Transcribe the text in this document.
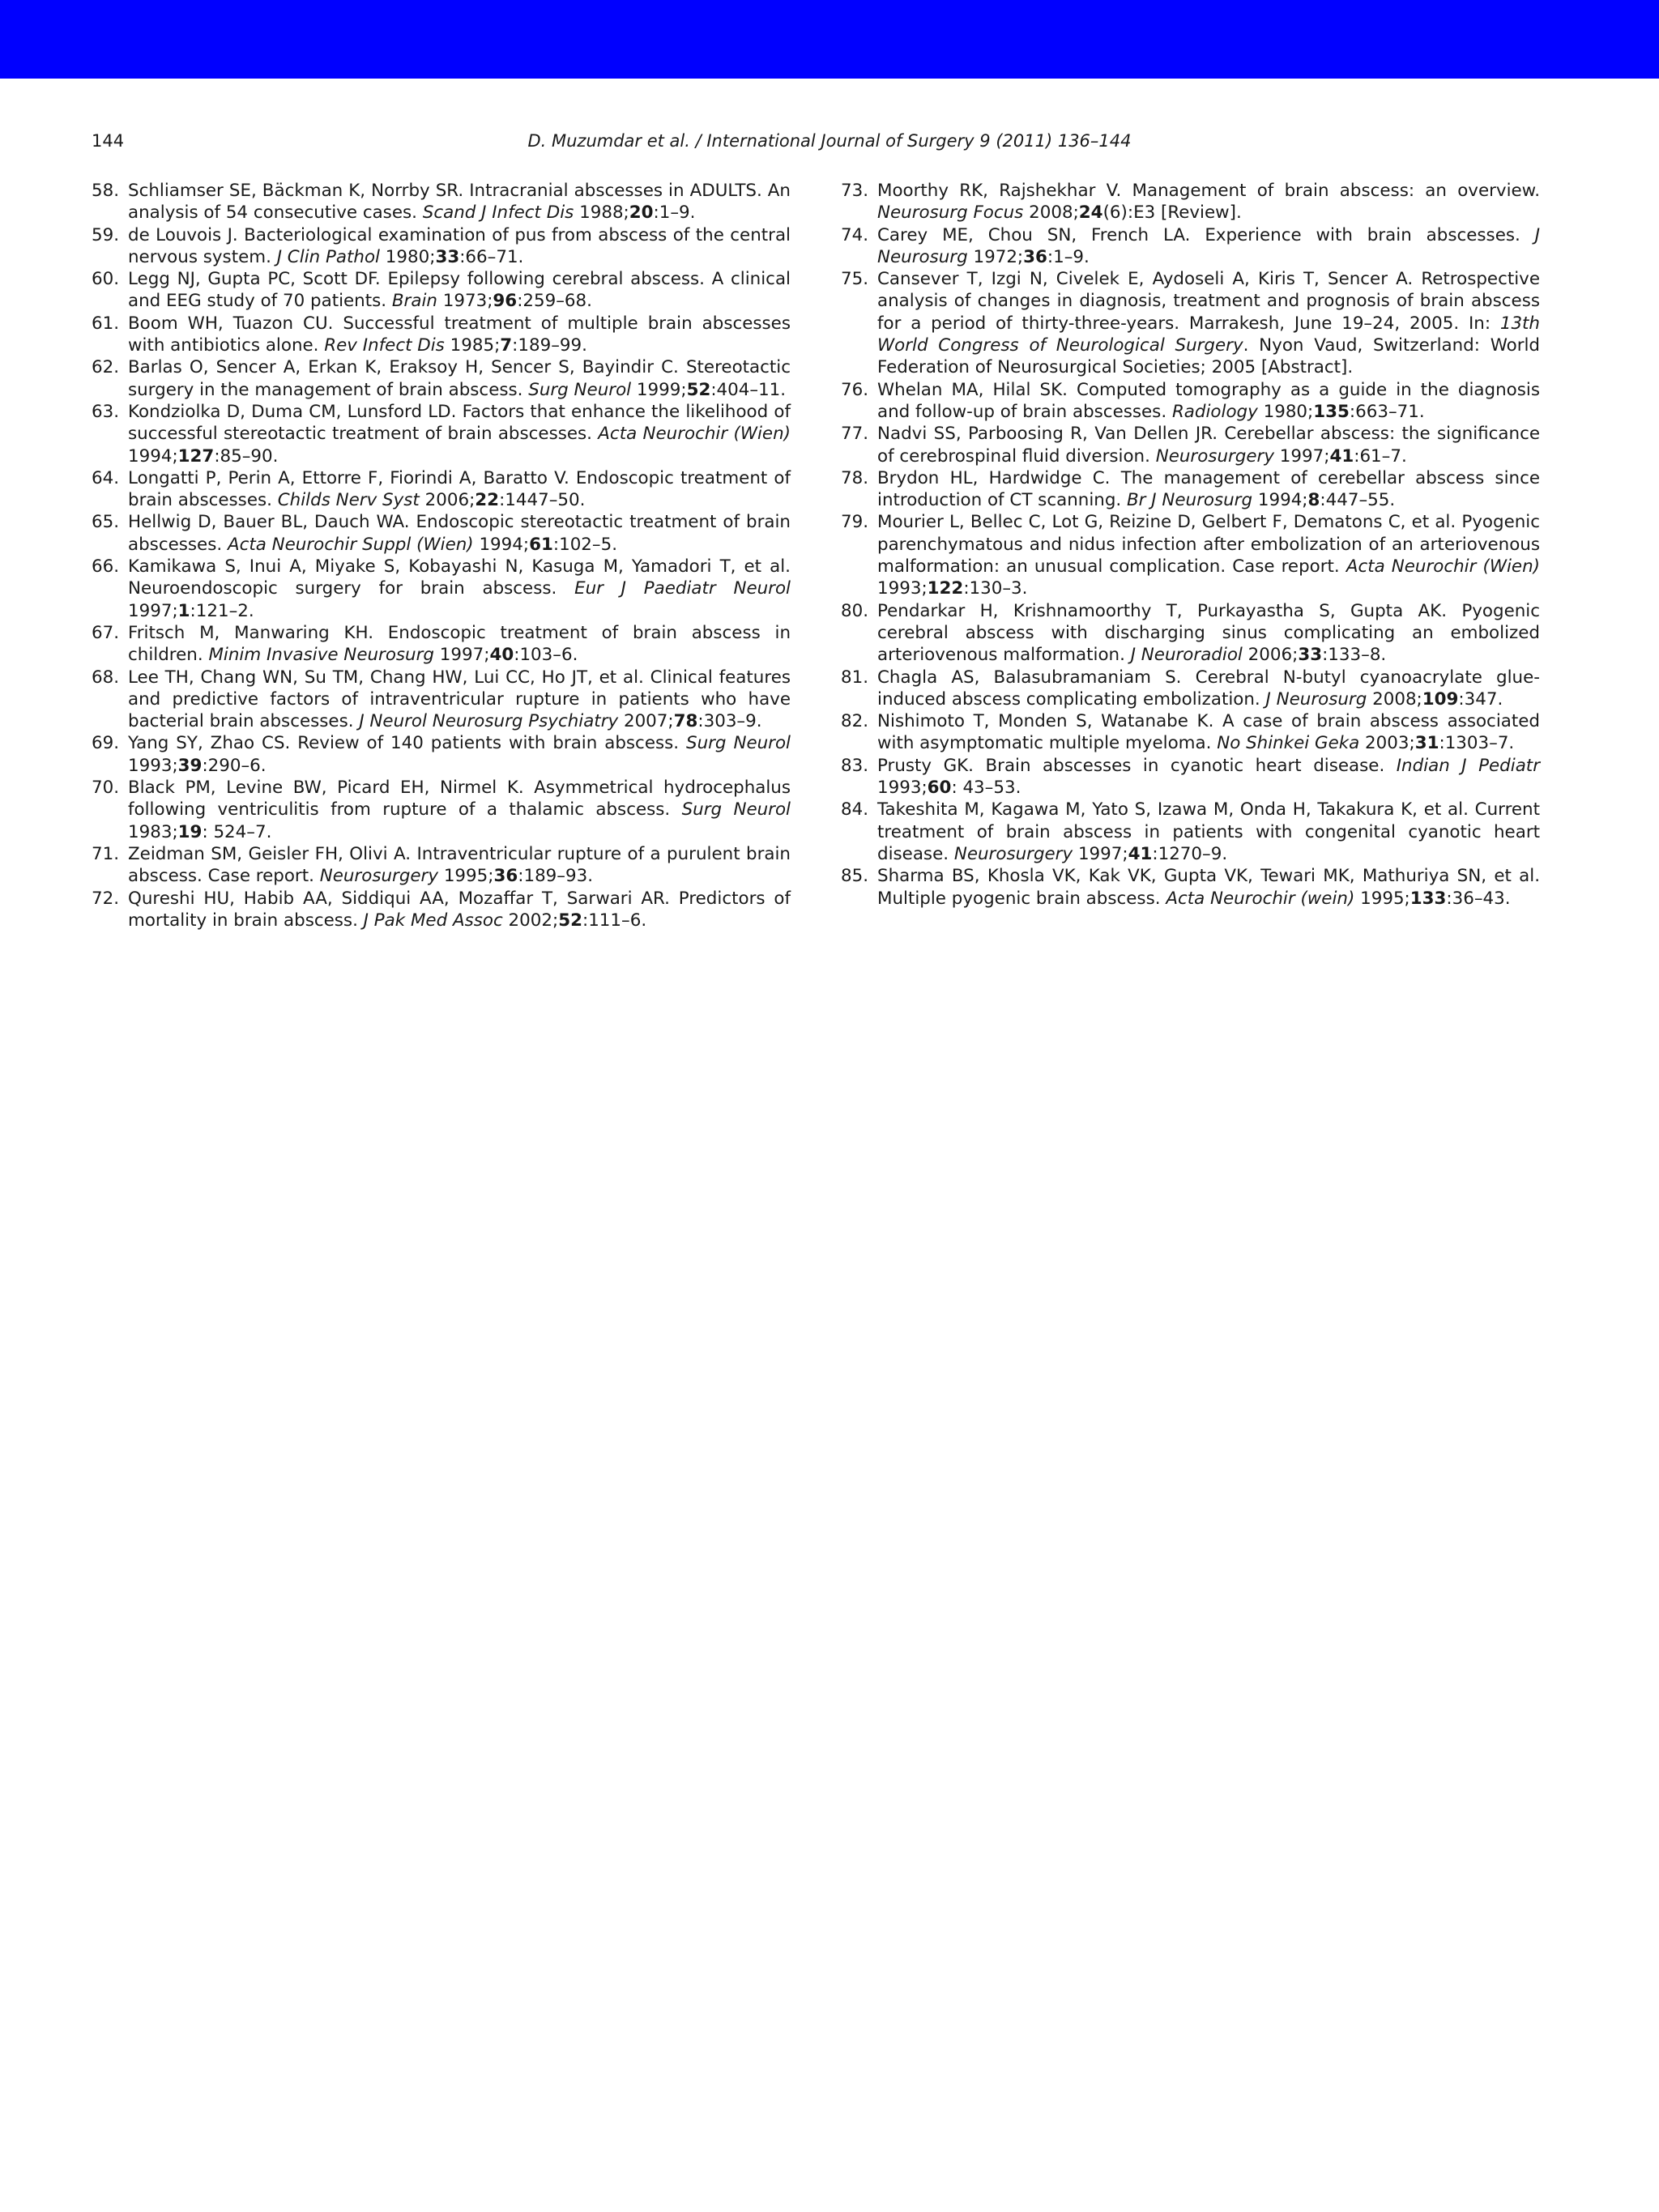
144	D. Muzumdar et al. / International Journal of Surgery 9 (2011) 136–144

58. Schliamser SE, Bäckman K, Norrby SR. Intracranial abscesses in ADULTS. An analysis of 54 consecutive cases. Scand J Infect Dis 1988;20:1–9.

59. de Louvois J. Bacteriological examination of pus from abscess of the central nervous system. J Clin Pathol 1980;33:66–71.

60. Legg NJ, Gupta PC, Scott DF. Epilepsy following cerebral abscess. A clinical and EEG study of 70 patients. Brain 1973;96:259–68.

61. Boom WH, Tuazon CU. Successful treatment of multiple brain abscesses with antibiotics alone. Rev Infect Dis 1985;7:189–99.

62. Barlas O, Sencer A, Erkan K, Eraksoy H, Sencer S, Bayindir C. Stereotactic surgery in the management of brain abscess. Surg Neurol 1999;52:404–11.

63. Kondziolka D, Duma CM, Lunsford LD. Factors that enhance the likelihood of successful stereotactic treatment of brain abscesses. Acta Neurochir (Wien) 1994;127:85–90.

64. Longatti P, Perin A, Ettorre F, Fiorindi A, Baratto V. Endoscopic treatment of brain abscesses. Childs Nerv Syst 2006;22:1447–50.

65. Hellwig D, Bauer BL, Dauch WA. Endoscopic stereotactic treatment of brain abscesses. Acta Neurochir Suppl (Wien) 1994;61:102–5.

66. Kamikawa S, Inui A, Miyake S, Kobayashi N, Kasuga M, Yamadori T, et al. Neuroendoscopic surgery for brain abscess. Eur J Paediatr Neurol 1997;1:121–2.

67. Fritsch M, Manwaring KH. Endoscopic treatment of brain abscess in children. Minim Invasive Neurosurg 1997;40:103–6.

68. Lee TH, Chang WN, Su TM, Chang HW, Lui CC, Ho JT, et al. Clinical features and predictive factors of intraventricular rupture in patients who have bacterial brain abscesses. J Neurol Neurosurg Psychiatry 2007;78:303–9.

69. Yang SY, Zhao CS. Review of 140 patients with brain abscess. Surg Neurol 1993;39:290–6.

70. Black PM, Levine BW, Picard EH, Nirmel K. Asymmetrical hydrocephalus following ventriculitis from rupture of a thalamic abscess. Surg Neurol 1983;19: 524–7.

71. Zeidman SM, Geisler FH, Olivi A. Intraventricular rupture of a purulent brain abscess. Case report. Neurosurgery 1995;36:189–93.

72. Qureshi HU, Habib AA, Siddiqui AA, Mozaffar T, Sarwari AR. Predictors of mortality in brain abscess. J Pak Med Assoc 2002;52:111–6.

73. Moorthy RK, Rajshekhar V. Management of brain abscess: an overview. Neurosurg Focus 2008;24(6):E3 [Review].

74. Carey ME, Chou SN, French LA. Experience with brain abscesses. J Neurosurg 1972;36:1–9.

75. Cansever T, Izgi N, Civelek E, Aydoseli A, Kiris T, Sencer A. Retrospective analysis of changes in diagnosis, treatment and prognosis of brain abscess for a period of thirty-three-years. Marrakesh, June 19–24, 2005. In: 13th World Congress of Neurological Surgery. Nyon Vaud, Switzerland: World Federation of Neurosurgical Societies; 2005 [Abstract].

76. Whelan MA, Hilal SK. Computed tomography as a guide in the diagnosis and follow-up of brain abscesses. Radiology 1980;135:663–71.

77. Nadvi SS, Parboosing R, Van Dellen JR. Cerebellar abscess: the significance of cerebrospinal fluid diversion. Neurosurgery 1997;41:61–7.

78. Brydon HL, Hardwidge C. The management of cerebellar abscess since introduction of CT scanning. Br J Neurosurg 1994;8:447–55.

79. Mourier L, Bellec C, Lot G, Reizine D, Gelbert F, Dematons C, et al. Pyogenic parenchymatous and nidus infection after embolization of an arteriovenous malformation: an unusual complication. Case report. Acta Neurochir (Wien) 1993;122:130–3.

80. Pendarkar H, Krishnamoorthy T, Purkayastha S, Gupta AK. Pyogenic cerebral abscess with discharging sinus complicating an embolized arteriovenous malformation. J Neuroradiol 2006;33:133–8.

81. Chagla AS, Balasubramaniam S. Cerebral N-butyl cyanoacrylate glue-induced abscess complicating embolization. J Neurosurg 2008;109:347.

82. Nishimoto T, Monden S, Watanabe K. A case of brain abscess associated with asymptomatic multiple myeloma. No Shinkei Geka 2003;31:1303–7.

83. Prusty GK. Brain abscesses in cyanotic heart disease. Indian J Pediatr 1993;60: 43–53.

84. Takeshita M, Kagawa M, Yato S, Izawa M, Onda H, Takakura K, et al. Current treatment of brain abscess in patients with congenital cyanotic heart disease. Neurosurgery 1997;41:1270–9.

85. Sharma BS, Khosla VK, Kak VK, Gupta VK, Tewari MK, Mathuriya SN, et al. Multiple pyogenic brain abscess. Acta Neurochir (wein) 1995;133:36–43.
